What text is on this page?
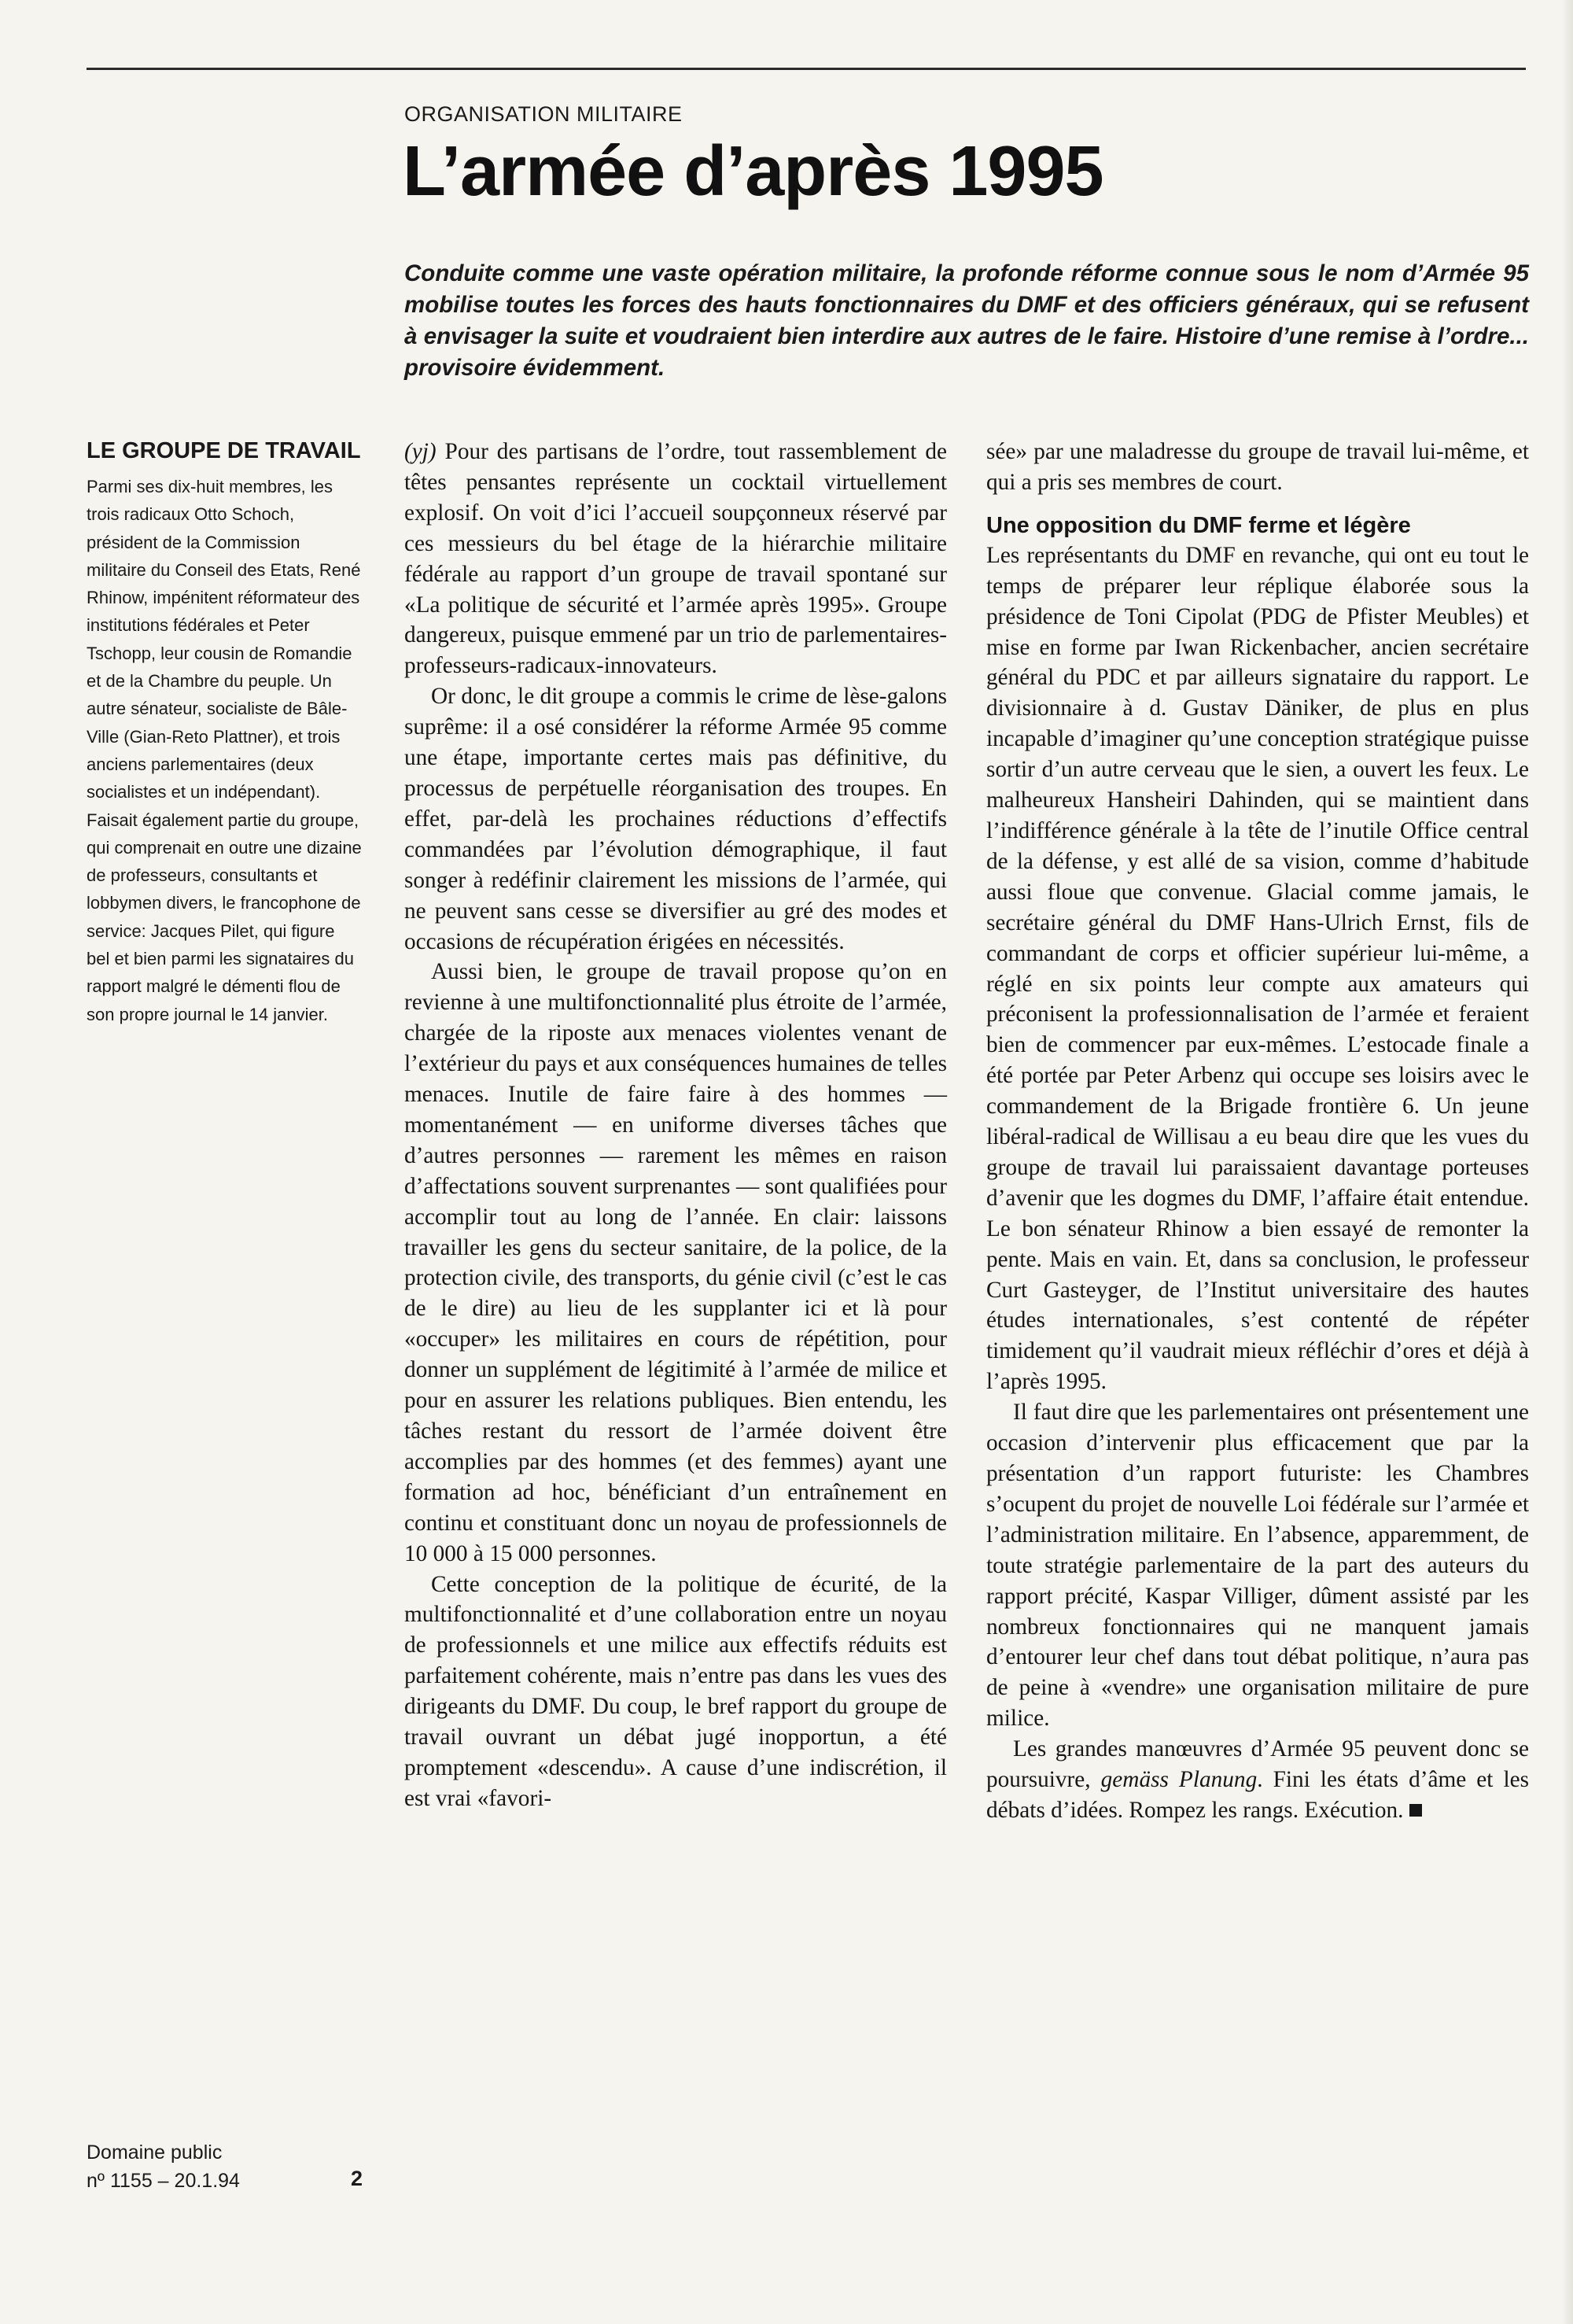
ORGANISATION MILITAIRE
L’armée d’après 1995
Conduite comme une vaste opération militaire, la profonde réforme connue sous le nom d’Armée 95 mobilise toutes les forces des hauts fonctionnaires du DMF et des officiers généraux, qui se refusent à envisager la suite et voudraient bien interdire aux autres de le faire. Histoire d’une remise à l’ordre... provisoire évidemment.
LE GROUPE DE TRAVAIL

Parmi ses dix-huit membres, les trois radicaux Otto Schoch, président de la Commission militaire du Conseil des Etats, René Rhinow, impénitent réformateur des institutions fédérales et Peter Tschopp, leur cousin de Romandie et de la Chambre du peuple. Un autre sénateur, socialiste de Bâle-Ville (Gian-Reto Plattner), et trois anciens parlementaires (deux socialistes et un indépendant). Faisait également partie du groupe, qui comprenait en outre une dizaine de professeurs, consultants et lobbymen divers, le francophone de service: Jacques Pilet, qui figure bel et bien parmi les signataires du rapport malgré le démenti flou de son propre journal le 14 janvier.

(yj) Pour des partisans de l’ordre, tout rassemblement de têtes pensantes représente un cocktail virtuellement explosif. On voit d’ici l’accueil soupçonneux réservé par ces messieurs du bel étage de la hiérarchie militaire fédérale au rapport d’un groupe de travail spontané sur «La politique de sécurité et l’armée après 1995». Groupe dangereux, puisque emmené par un trio de parlementaires-professeurs-radicaux-innovateurs.

Or donc, le dit groupe a commis le crime de lèse-galons suprême: il a osé considérer la réforme Armée 95 comme une étape, importante certes mais pas définitive, du processus de perpétuelle réorganisation des troupes. En effet, par-delà les prochaines réductions d’effectifs commandées par l’évolution démographique, il faut songer à redéfinir clairement les missions de l’armée, qui ne peuvent sans cesse se diversifier au gré des modes et occasions de récupération érigées en nécessités.

Aussi bien, le groupe de travail propose qu’on en revienne à une multifonctionnalité plus étroite de l’armée, chargée de la riposte aux menaces violentes venant de l’extérieur du pays et aux conséquences humaines de telles menaces. Inutile de faire faire à des hommes — momentanément — en uniforme diverses tâches que d’autres personnes — rarement les mêmes en raison d’affectations souvent surprenantes — sont qualifiées pour accomplir tout au long de l’année. En clair: laissons travailler les gens du secteur sanitaire, de la police, de la protection civile, des transports, du génie civil (c’est le cas de le dire) au lieu de les supplanter ici et là pour «occuper» les militaires en cours de répétition, pour donner un supplément de légitimité à l’armée de milice et pour en assurer les relations publiques. Bien entendu, les tâches restant du ressort de l’armée doivent être accomplies par des hommes (et des femmes) ayant une formation ad hoc, bénéficiant d’un entraînement en continu et constituant donc un noyau de professionnels de 10 000 à 15 000 personnes.

Cette conception de la politique de écurité, de la multifonctionnalité et d’une collaboration entre un noyau de professionnels et une milice aux effectifs réduits est parfaitement cohérente, mais n’entre pas dans les vues des dirigeants du DMF. Du coup, le bref rapport du groupe de travail ouvrant un débat jugé inopportun, a été promptement «descendu». A cause d’une indiscrétion, il est vrai «favori-

sée» par une maladresse du groupe de travail lui-même, et qui a pris ses membres de court.

Une opposition du DMF ferme et légère

Les représentants du DMF en revanche, qui ont eu tout le temps de préparer leur réplique élaborée sous la présidence de Toni Cipolat (PDG de Pfister Meubles) et mise en forme par Iwan Rickenbacher, ancien secrétaire général du PDC et par ailleurs signataire du rapport. Le divisionnaire à d. Gustav Däniker, de plus en plus incapable d’imaginer qu’une conception stratégique puisse sortir d’un autre cerveau que le sien, a ouvert les feux. Le malheureux Hansheiri Dahinden, qui se maintient dans l’indifférence générale à la tête de l’inutile Office central de la défense, y est allé de sa vision, comme d’habitude aussi floue que convenue. Glacial comme jamais, le secrétaire général du DMF Hans-Ulrich Ernst, fils de commandant de corps et officier supérieur lui-même, a réglé en six points leur compte aux amateurs qui préconisent la professionnalisation de l’armée et feraient bien de commencer par eux-mêmes. L’estocade finale a été portée par Peter Arbenz qui occupe ses loisirs avec le commandement de la Brigade frontière 6. Un jeune libéral-radical de Willisau a eu beau dire que les vues du groupe de travail lui paraissaient davantage porteuses d’avenir que les dogmes du DMF, l’affaire était entendue. Le bon sénateur Rhinow a bien essayé de remonter la pente. Mais en vain. Et, dans sa conclusion, le professeur Curt Gasteyger, de l’Institut universitaire des hautes études internationales, s’est contenté de répéter timidement qu’il vaudrait mieux réfléchir d’ores et déjà à l’après 1995.

Il faut dire que les parlementaires ont présentement une occasion d’intervenir plus efficacement que par la présentation d’un rapport futuriste: les Chambres s’ocupent du projet de nouvelle Loi fédérale sur l’armée et l’administration militaire. En l’absence, apparemment, de toute stratégie parlementaire de la part des auteurs du rapport précité, Kaspar Villiger, dûment assisté par les nombreux fonctionnaires qui ne manquent jamais d’entourer leur chef dans tout débat politique, n’aura pas de peine à «vendre» une organisation militaire de pure milice.

Les grandes manœuvres d’Armée 95 peuvent donc se poursuivre, gemäss Planung. Fini les états d’âme et les débats d’idées. Rompez les rangs. Exécution.

Domaine public
nº 1155 – 20.1.94	2
